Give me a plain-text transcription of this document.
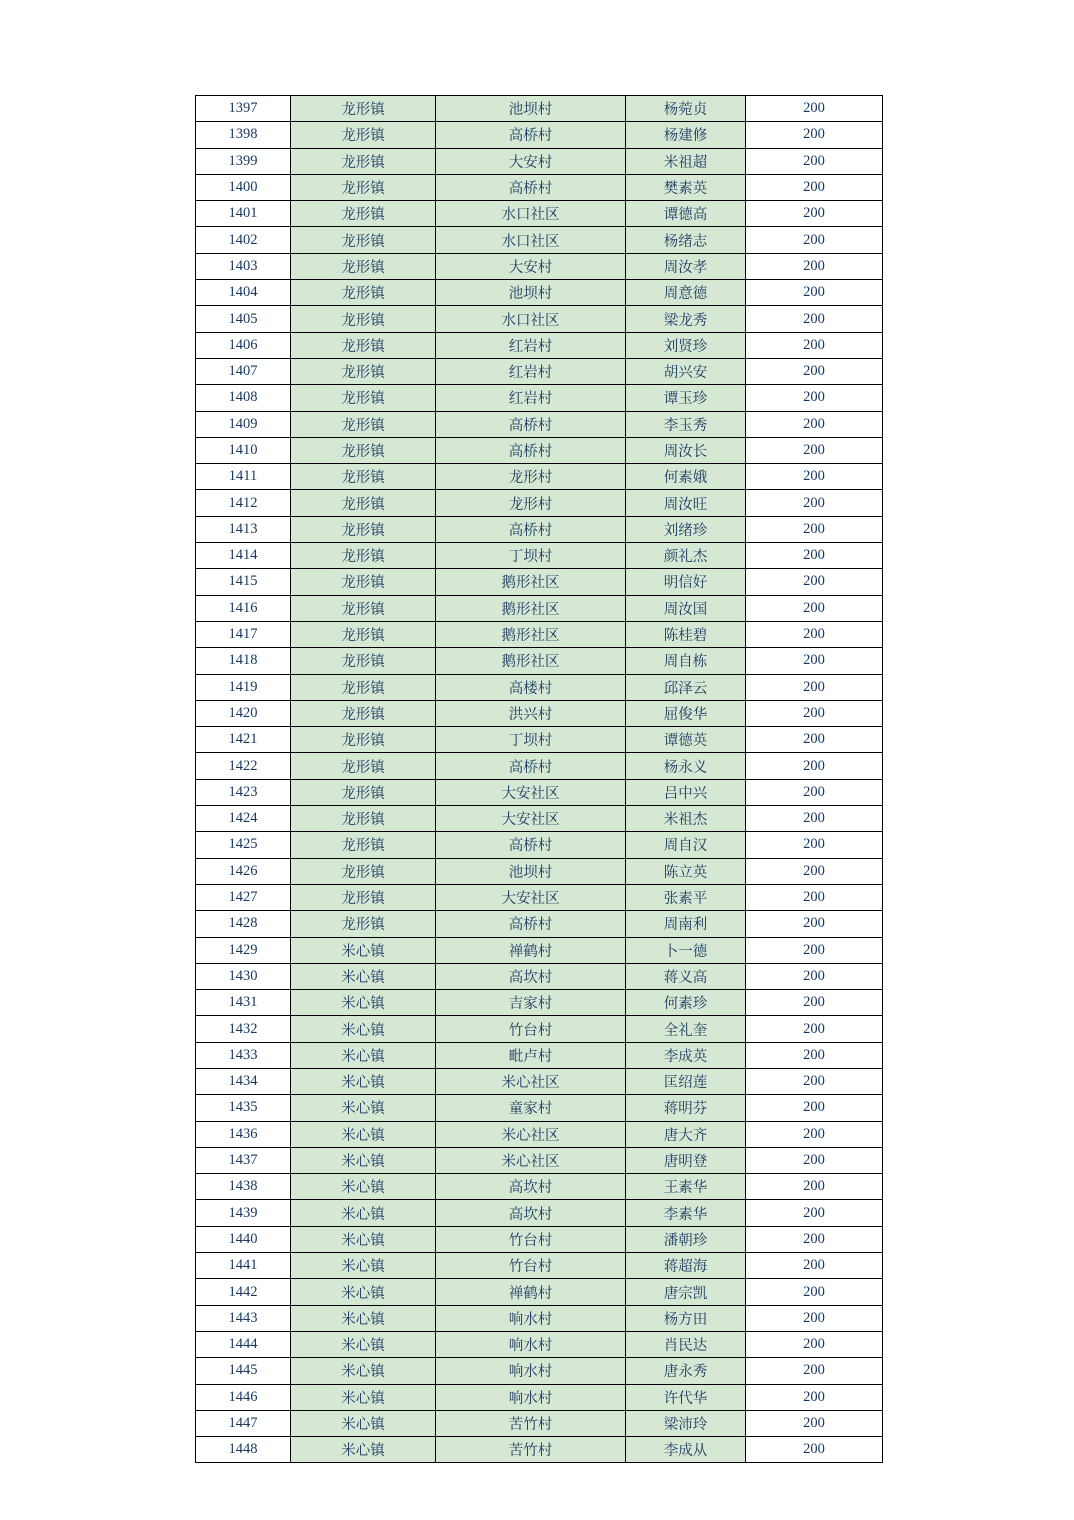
1397	龙形镇	池坝村	杨菀贞	200
1398	龙形镇	高桥村	杨建修	200
1399	龙形镇	大安村	米祖超	200
1400	龙形镇	高桥村	樊素英	200
1401	龙形镇	水口社区	谭德高	200
1402	龙形镇	水口社区	杨绪志	200
1403	龙形镇	大安村	周汝孝	200
1404	龙形镇	池坝村	周意德	200
1405	龙形镇	水口社区	梁龙秀	200
1406	龙形镇	红岩村	刘贤珍	200
1407	龙形镇	红岩村	胡兴安	200
1408	龙形镇	红岩村	谭玉珍	200
1409	龙形镇	高桥村	李玉秀	200
1410	龙形镇	高桥村	周汝长	200
1411	龙形镇	龙形村	何素娥	200
1412	龙形镇	龙形村	周汝旺	200
1413	龙形镇	高桥村	刘绪珍	200
1414	龙形镇	丁坝村	颜礼杰	200
1415	龙形镇	鹅形社区	明信好	200
1416	龙形镇	鹅形社区	周汝国	200
1417	龙形镇	鹅形社区	陈桂碧	200
1418	龙形镇	鹅形社区	周自栋	200
1419	龙形镇	高楼村	邱泽云	200
1420	龙形镇	洪兴村	屈俊华	200
1421	龙形镇	丁坝村	谭德英	200
1422	龙形镇	高桥村	杨永义	200
1423	龙形镇	大安社区	吕中兴	200
1424	龙形镇	大安社区	米祖杰	200
1425	龙形镇	高桥村	周自汉	200
1426	龙形镇	池坝村	陈立英	200
1427	龙形镇	大安社区	张素平	200
1428	龙形镇	高桥村	周南利	200
1429	米心镇	禅鹤村	卜一德	200
1430	米心镇	高坎村	蒋义高	200
1431	米心镇	吉家村	何素珍	200
1432	米心镇	竹台村	全礼奎	200
1433	米心镇	毗卢村	李成英	200
1434	米心镇	米心社区	匡绍莲	200
1435	米心镇	童家村	蒋明芬	200
1436	米心镇	米心社区	唐大齐	200
1437	米心镇	米心社区	唐明登	200
1438	米心镇	高坎村	王素华	200
1439	米心镇	高坎村	李素华	200
1440	米心镇	竹台村	潘朝珍	200
1441	米心镇	竹台村	蒋超海	200
1442	米心镇	禅鹤村	唐宗凯	200
1443	米心镇	响水村	杨方田	200
1444	米心镇	响水村	肖民达	200
1445	米心镇	响水村	唐永秀	200
1446	米心镇	响水村	许代华	200
1447	米心镇	苦竹村	梁沛玲	200
1448	米心镇	苦竹村	李成从	200
